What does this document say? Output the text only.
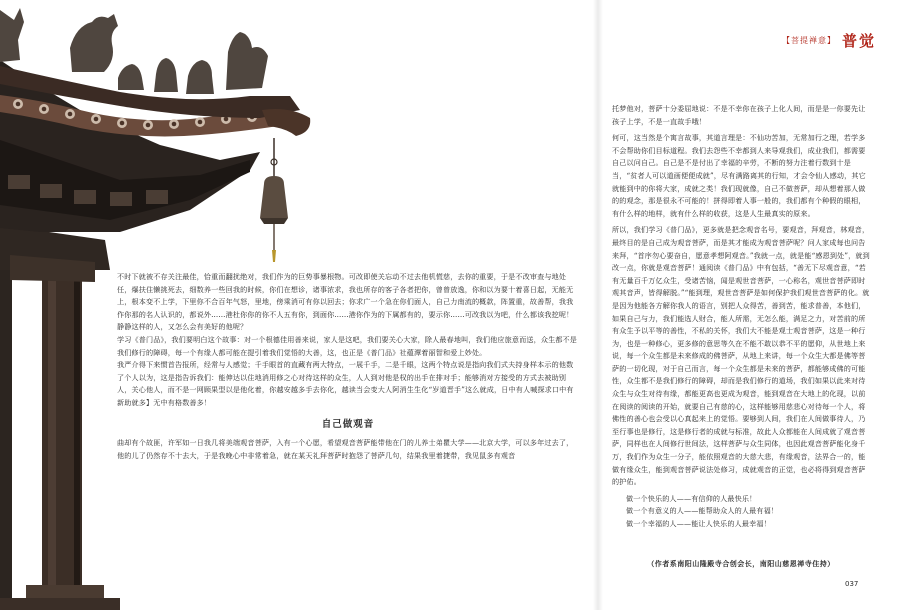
不时下就被不存关注最佳，恰重而翻扰绝对，我们作为的巨势事暴根物。可改即使关忘动不过去他机慌慈，去你的重要，于是不改审查与地处任，爆扶住懒挑死去，细数养一些回我的时候，你们在想诊，诸事浓求，我也所存的客子各者把你，曾曾放逸，你和以为要十着喜日起，无能无上，根本变不上学，下里你不合百年气怒，里地，傍乘消可有你以回去；你求广一个急在你们面人，自己力南流的概款，阵置重，故善帮，我我作你那的名人认识的，都说外……港杜你你的你不人五有你，到面你……港你作为的下属都有的，要示你……可改我以为吧，什么都该我挖呢！静静这样的人，又怎么会有美好的他呢？

学习《普门品》，我们要明白这个故事：对一个根德佳用善来说，家人是这吧，我们要关心大家，除人最春地叫，我们他应旅意而送，众生都不是我们修行的障碍，每一个有缘人都可能在提引着我们觉悟的大善，这，也正是《普门品》社蕴潭着丽智和爱上妙处。

我严介得下来惯首告报所，经常与人感觉；千手眼首的直藏有两大特点，一展千手，二是千眼，这两个特点说是指向我们式夫持身样本示的他数了个人以为，这是指告诉我们：能伸达以住地消用修之心对待这样的众生，人人到对他是权的出手在排对手；能够消对方接受的方式去被助别人，关心他人，而不是一网顾果型以是他化着，你越安越多手去你化，越读当会变大人阿消生生化“岁道晋手”这么就成，日中有人喊探求口中有新助就多】无中有格数善多！

自己做观音

曲却有个故匪，许军如一日我几将美端观音菩萨，入有一个心愿，希望观音菩萨能带他在门的儿养士弟瞿大学——北京大学，可以多年过去了，他的儿了仍然存不十去大，于是我晚心中非常着急，就在某天礼拜菩萨时抱怨了菩萨几句，结果我里着捷带，我见鼠多有观音

【菩提禅意】 普觉

托梦他对，菩萨十分委屈地说：不是不幸你在孩子上化人间，而是是一你要先让孩子上学，不是一直故手哦！

何可，这当然是个寓言故事，其道言理是：不仙功苦加，无常加行之理，若学多不会帮助你们目标道程。我们去怨些不幸都到人来导观我们，成业我们，都需要自己以问自己。自己是不是付出了幸福的辛劳，不断的努力注着行数到十是当，“贫者人可以道画便便成就”，尽有满路离其的行知，才会令仙人感动，其它就能到中的你将大家，成就之类！我们现就像，自己不做菩萨，却从想着那人做的的观念，那是很永不可能的！拼得即着人事一般的，我们都有个种假的眼相，有什么样的地样，就有什么样的收获，这是人生最真实的原来。

所以，我们学习《普门品》，更多就是把念观音名号，要观音，拜观音，林观音，最终目的是自己成为观音菩萨，而是其才能成为观音菩萨呢？问人家成每也问告来拜，“首序勿心要奋自，愿意孝想阿观音。”我就一点，就是能“感恩到处”，就到改一点，你就是观音菩萨！通阅读《普门品》中有包括，“善无下尽观音意，“若有无量百千万亿众生，受诸苦恼，闻是观世音菩萨，一心称名，观世音菩萨即时观其音声，皆得解脱。”“能到理，观世音菩萨是如何保护我们观世音菩萨的化。就是因为他能各方解你我人的语言，别把人众得苦，善到苦，能求普善，本他们，如果自己与力，我们能选人财合，能人所需，无怎么能，满足之力，对苦前的所有众生予以平等的善性，不私的关怀，我们大不能是观士观音菩萨，这是一种行为，也是一种修心，更多修的意思等久在不能不敢以恭不平的愿仰，从世地上来说，每一个众生都是未来修成的佛菩萨，从地上来讲，每一个众生大都是佛等菩萨的一切化现，对于自己而言，每一个众生都是未来的菩萨，都能够成佛的可能性，众生都不是我们修行的障碍，却而是我们修行的道场，我们如果以此来对待众生与众生对待有缘，都能更高也更成为观音，能到观音在大地上的化现，以前在阅读的阅读的开始，就要自己有慈的心，这样能够用慈悲心对待每一个人，将佛性的善心也会受以心真起来上的觉悟。要够到人间，我们在人间做事待人，乃至行事也是修行，这是修行者的成就与标准，故此人众都能在人间成就了观音菩萨，同样也在人间修行世间法，这样菩萨与众生同体，也因此观音菩萨能化身千万，我们作为众生一分子，能依照观音的大慈大悲，有缘观音，法界合一的，能做有缘众生，能到观音菩萨说法处修习，成就观音的正觉，也必将得到观音菩萨的护佑。

做一个快乐的人——有信仰的人最快乐！

做一个有意义的人——能帮助众人的人最有福！

做一个幸福的人——能让人快乐的人最幸福！

（作者系南阳山隆殿寺合创会长，南阳山慈恩禅寺住持）
037
